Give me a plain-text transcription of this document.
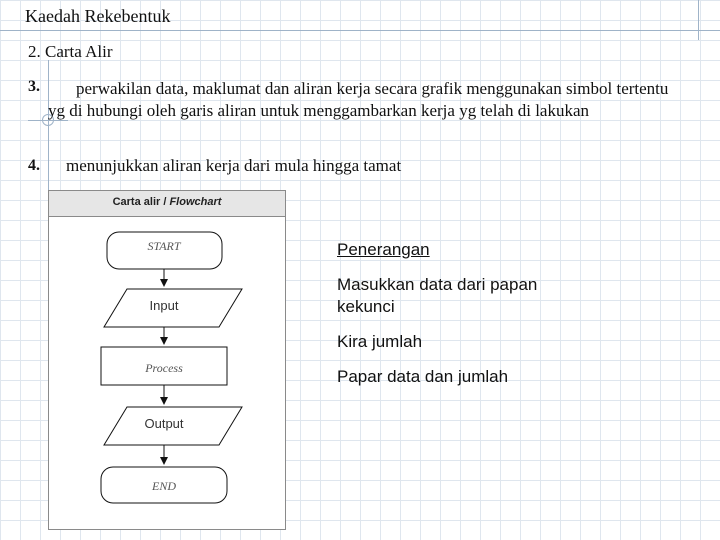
Kaedah Rekebentuk
2. Carta Alir
3.	perwakilan data, maklumat dan aliran kerja secara grafik menggunakan simbol tertentu yg di hubungi oleh garis aliran untuk menggambarkan kerja yg telah di lakukan
4. menunjukkan aliran kerja dari mula hingga tamat
Carta alir / Flowchart
START
Input
Process
Output
END
Penerangan
Masukkan data dari papan kekunci
Kira jumlah
Papar data dan jumlah
